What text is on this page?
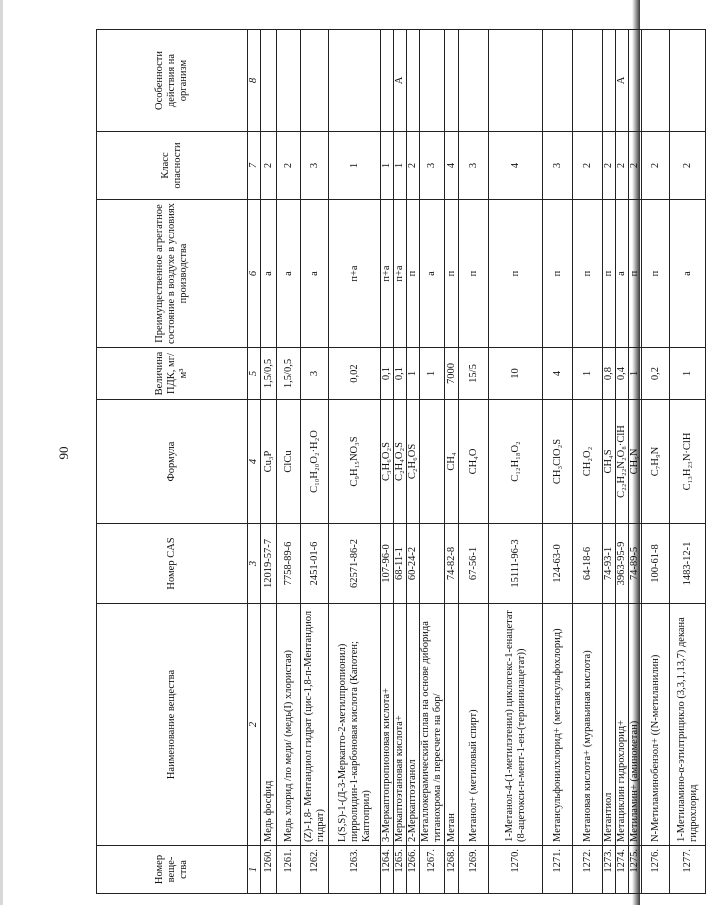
90
Номер веще-ства	Наименование вещества	Номер CAS	Формула	Величина ПДК, мг/м³	Преимущественное агрегатное состояние в воздухе в условиях производства	Класс опасности	Особенности действия на организм
1	2	3	4	5	6	7	8
1260.	Медь фосфид	12019-57-7	Cu₃P	1,5/0,5	а	2	
1261.	Медь хлорид /по меди/ (медь(I) хлористая)	7758-89-6	ClCu	1,5/0,5	а	2	
1262.	(Z)-1,8- Ментандиол гидрат (цис-1,8-п-Ментандиол гидрат)	2451-01-6	C₁₀H₂₀O₂·H₂O	3	а	3	
1263.	L(S,S)-1-(Д-3-Меркапто-2-метилпропионил) пирролидин-1-карбоновая кислота (Капотен; Каптоприл)	62571-86-2	C₉H₁₅NO₃S	0,02	п+а	1	
1264.	3-Меркаптопропионовая кислота+	107-96-0	C₃H₆O₂S	0,1	п+а	1	
1265.	Меркаптоэтановая кислота+	68-11-1	C₂H₄O₂S	0,1	п+а	1	А
1266.	2-Меркаптоэтанол	60-24-2	C₂H₆OS	1	п	2	
1267.	Металлокерамический сплав на основе диборида титанохрома /в пересчете на бор/			1	а	3	
1268.	Метан	74-82-8	CH₄	7000	п	4	
1269.	Метанол+ (метиловый спирт)	67-56-1	CH₄O	15/5	п	3	
1270.	1-Метанол-4-(1-метилэтенил) циклогекс-1-енацетат (8-ацетокси-п-мент-1-ен-(терпинилацетат))	15111-96-3	C₁₂H₁₈O₂	10	п	4	
1271.	Метансульфонилхлорид+ (метансульфохлорид)	124-63-0	CH₃ClO₂S	4	п	3	
1272.	Метановая кислота+ (муравьиная кислота)	64-18-6	CH₂O₂	1	п	2	
1273.	Метантиол	74-93-1	CH₄S	0,8	п	2	
1274.	Метациклин гидрохлорид+	3963-95-9	C₂₂H₂₂N₂O₈·ClH	0,4	а	2	А
1275.	Метиламин+ (аминометан)	74-89-5	CH₅N	1	п	2	
1276.	N-Метиламинобензол+ ((N-метиланилин)	100-61-8	C₇H₉N	0,2	п	2	
1277.	1-Метиламино-α-этилтрицикло (3,3,1,13,7) декана гидрохлорид	1483-12-1	C₁₃H₂₃N·ClH	1	а	2	
